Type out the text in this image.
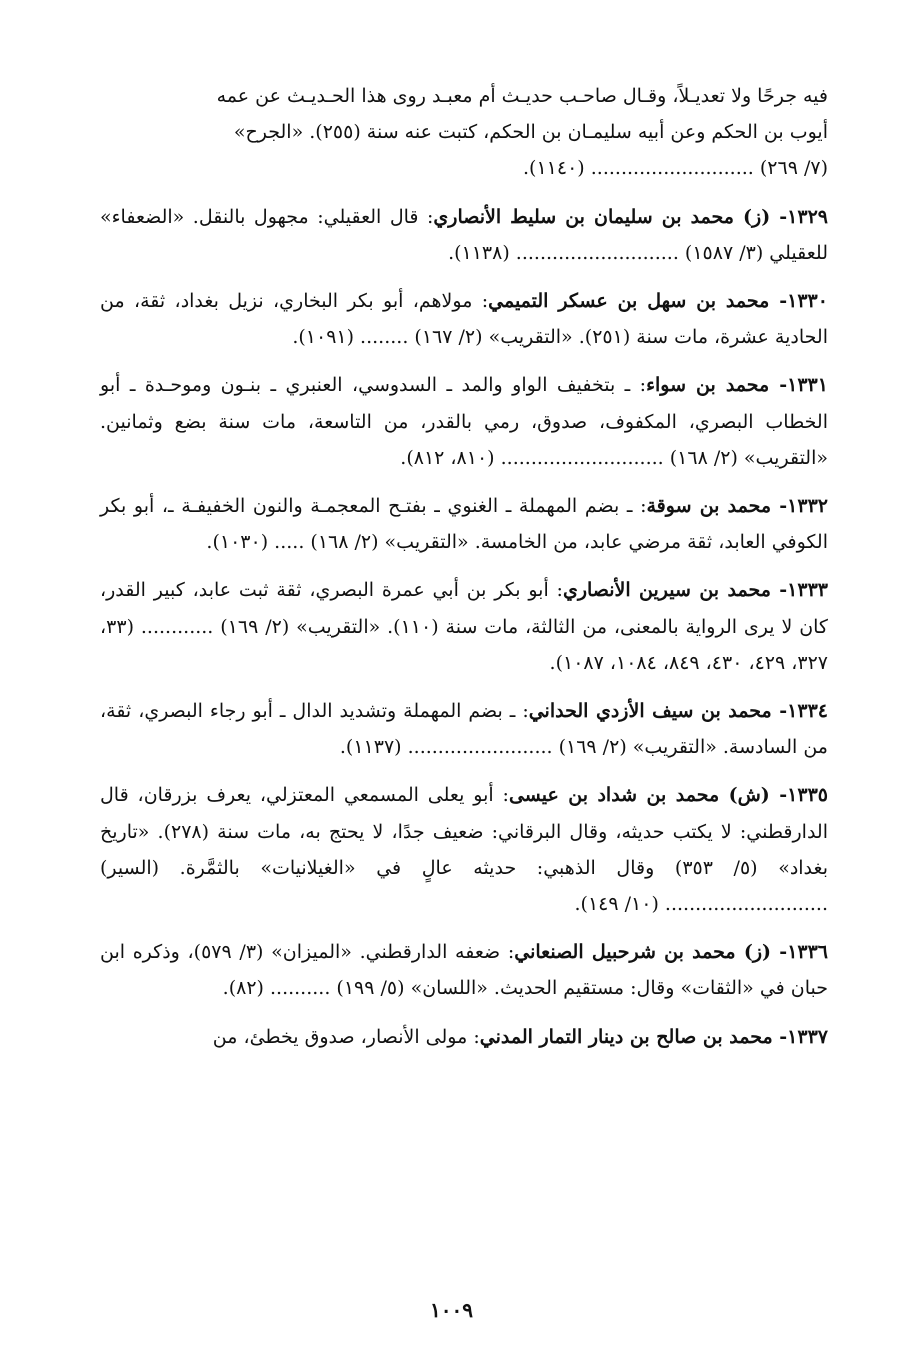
فيه جرحًا ولا تعديـلاً، وقـال صاحـب حديـث أم معبـد روى هذا الحـديـث عن عمه
أيوب بن الحكم وعن أبيه سليمـان بن الحكم، كتبت عنه سنة (٢٥٥). «الجرح»
(٧/ ٢٦٩) ........................... (١١٤٠).
١٣٢٩- (ز) محمد بن سليمان بن سليط الأنصاري: قال العقيلي: مجهول بالنقل. «الضعفاء» للعقيلي (٣/ ١٥٨٧) ........................... (١١٣٨).
١٣٣٠- محمد بن سهل بن عسكر التميمي: مولاهم، أبو بكر البخاري، نزيل بغداد، ثقة، من الحادية عشرة، مات سنة (٢٥١). «التقريب» (٢/ ١٦٧) ........ (١٠٩١).
١٣٣١- محمد بن سواء: ـ بتخفيف الواو والمد ـ السدوسي، العنبري ـ بنـون وموحـدة ـ أبو الخطاب البصري، المكفوف، صدوق، رمي بالقدر، من التاسعة، مات سنة بضع وثمانين. «التقريب» (٢/ ١٦٨) ........................... (٨١٠، ٨١٢).
١٣٣٢- محمد بن سوقة: ـ بضم المهملة ـ الغنوي ـ بفتـح المعجمـة والنون الخفيفـة ـ، أبو بكر الكوفي العابد، ثقة مرضي عابد، من الخامسة. «التقريب» (٢/ ١٦٨) ..... (١٠٣٠).
١٣٣٣- محمد بن سيرين الأنصاري: أبو بكر بن أبي عمرة البصري، ثقة ثبت عابد، كبير القدر، كان لا يرى الرواية بالمعنى، من الثالثة، مات سنة (١١٠). «التقريب» (٢/ ١٦٩) ............ (٣٣، ٣٢٧، ٤٢٩، ٤٣٠، ٨٤٩، ١٠٨٤، ١٠٨٧).
١٣٣٤- محمد بن سيف الأزدي الحداني: ـ بضم المهملة وتشديد الدال ـ أبو رجاء البصري، ثقة، من السادسة. «التقريب» (٢/ ١٦٩) ........................ (١١٣٧).
١٣٣٥- (ش) محمد بن شداد بن عيسى: أبو يعلى المسمعي المعتزلي، يعرف بزرقان، قال الدارقطني: لا يكتب حديثه، وقال البرقاني: ضعيف جدًا، لا يحتج به، مات سنة (٢٧٨). «تاريخ بغداد» (٥/ ٣٥٣) وقال الذهبي: حديثه عالٍ في «الغيلانيات» بالثمَّرة. (السير) ........................... (١٠/ ١٤٩).
١٣٣٦- (ز) محمد بن شرحبيل الصنعاني: ضعفه الدارقطني. «الميزان» (٣/ ٥٧٩)، وذكره ابن حبان في «الثقات» وقال: مستقيم الحديث. «اللسان» (٥/ ١٩٩) .......... (٨٢).
١٣٣٧- محمد بن صالح بن دينار التمار المدني: مولى الأنصار، صدوق يخطئ، من
١٠٠٩
